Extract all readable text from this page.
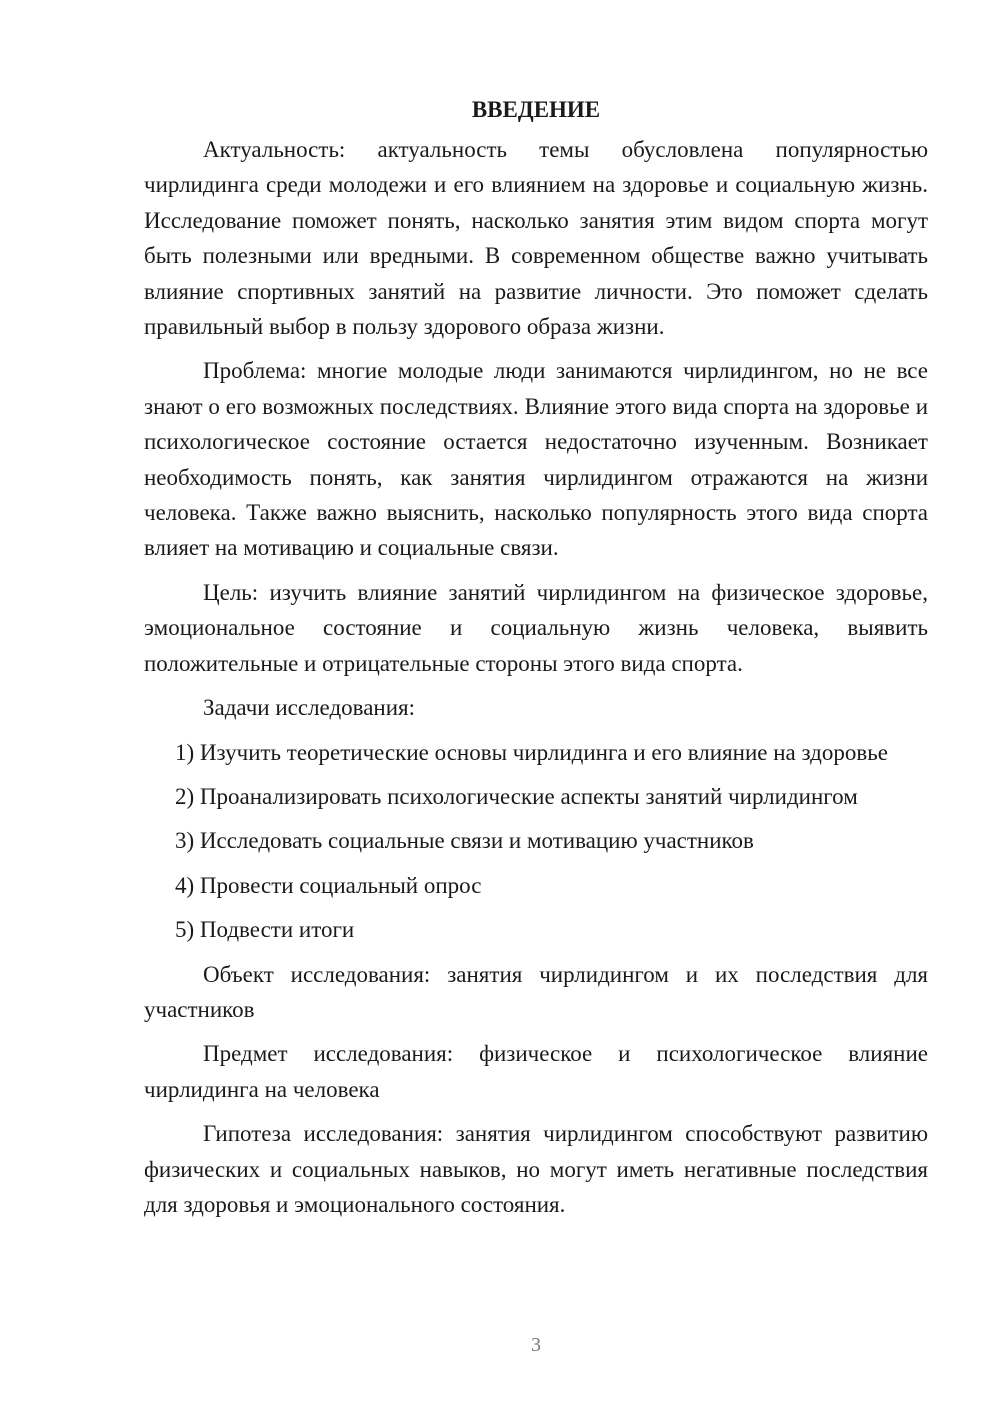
ВВЕДЕНИЕ

Актуальность: актуальность темы обусловлена популярностью чирлидинга среди молодежи и его влиянием на здоровье и социальную жизнь. Исследование поможет понять, насколько занятия этим видом спорта могут быть полезными или вредными. В современном обществе важно учитывать влияние спортивных занятий на развитие личности. Это поможет сделать правильный выбор в пользу здорового образа жизни.

Проблема: многие молодые люди занимаются чирлидингом, но не все знают о его возможных последствиях. Влияние этого вида спорта на здоровье и психологическое состояние остается недостаточно изученным. Возникает необходимость понять, как занятия чирлидингом отражаются на жизни человека. Также важно выяснить, насколько популярность этого вида спорта влияет на мотивацию и социальные связи.

Цель: изучить влияние занятий чирлидингом на физическое здоровье, эмоциональное состояние и социальную жизнь человека, выявить положительные и отрицательные стороны этого вида спорта.

Задачи исследования:

1) Изучить теоретические основы чирлидинга и его влияние на здоровье

2) Проанализировать психологические аспекты занятий чирлидингом

3) Исследовать социальные связи и мотивацию участников

4) Провести социальный опрос

5) Подвести итоги

Объект исследования: занятия чирлидингом и их последствия для участников

Предмет исследования: физическое и психологическое влияние чирлидинга на человека

Гипотеза исследования: занятия чирлидингом способствуют развитию физических и социальных навыков, но могут иметь негативные последствия для здоровья и эмоционального состояния.

3
